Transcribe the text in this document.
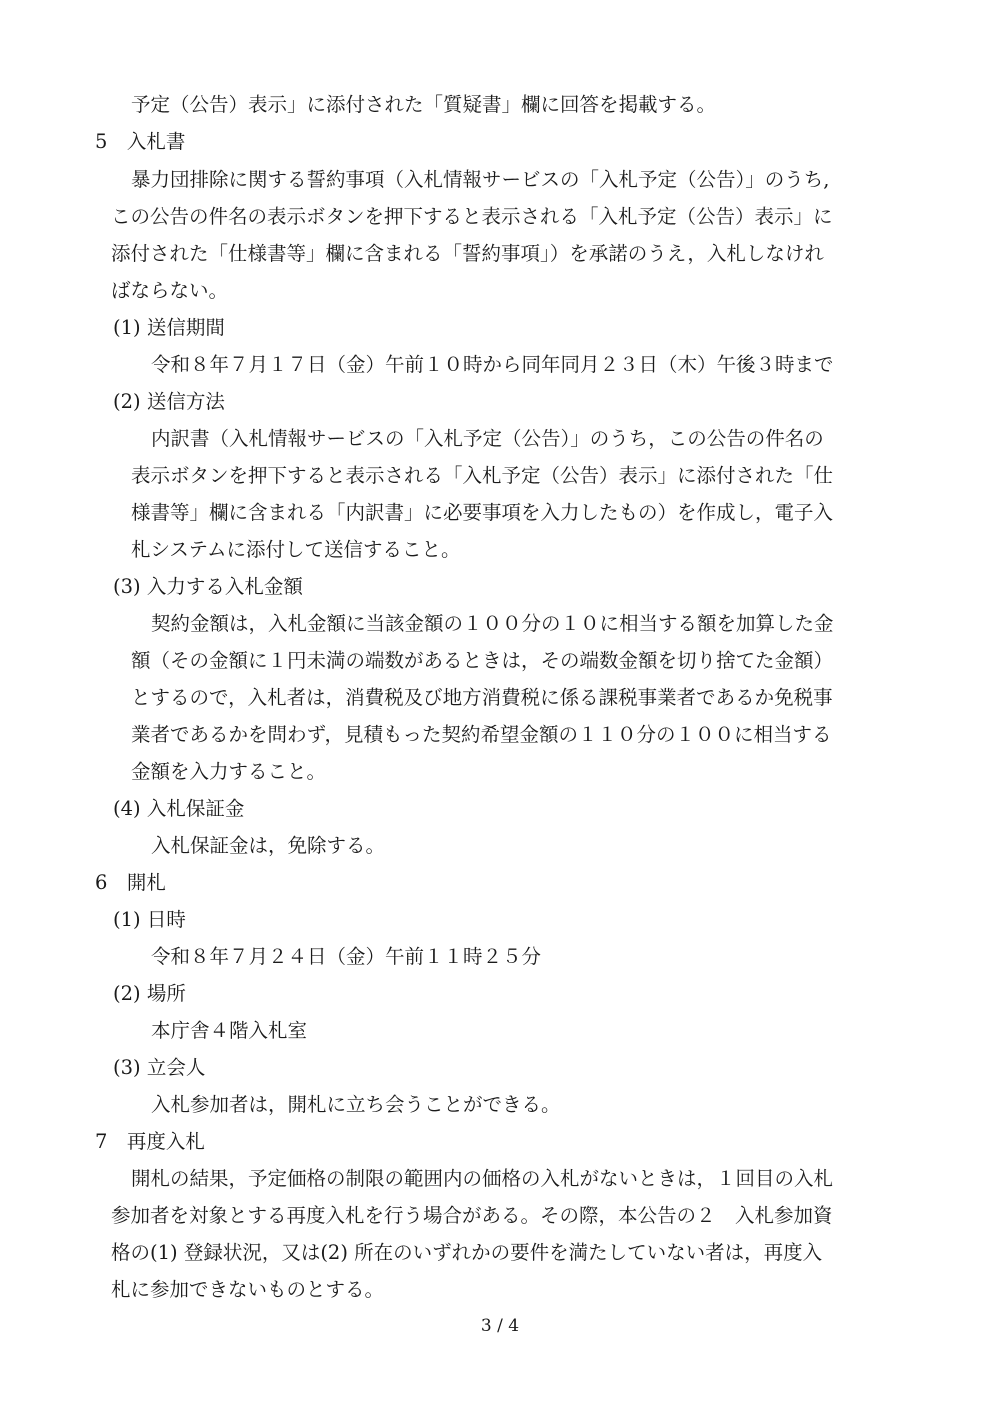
予定（公告）表示」に添付された「質疑書」欄に回答を掲載する。
5　入札書
暴力団排除に関する誓約事項（入札情報サービスの「入札予定（公告）」のうち,
この公告の件名の表示ボタンを押下すると表示される「入札予定（公告）表示」に
添付された「仕様書等」欄に含まれる「誓約事項」）を承諾のうえ，入札しなけれ
ばならない。
(1) 送信期間
令和８年７月１７日（金）午前１０時から同年同月２３日（木）午後３時まで
(2) 送信方法
内訳書（入札情報サービスの「入札予定（公告）」のうち，この公告の件名の
表示ボタンを押下すると表示される「入札予定（公告）表示」に添付された「仕
様書等」欄に含まれる「内訳書」に必要事項を入力したもの）を作成し，電子入
札システムに添付して送信すること。
(3) 入力する入札金額
契約金額は，入札金額に当該金額の１００分の１０に相当する額を加算した金
額（その金額に１円未満の端数があるときは，その端数金額を切り捨てた金額）
とするので，入札者は，消費税及び地方消費税に係る課税事業者であるか免税事
業者であるかを問わず，見積もった契約希望金額の１１０分の１００に相当する
金額を入力すること。
(4) 入札保証金
入札保証金は，免除する。
6　開札
(1) 日時
令和８年７月２４日（金）午前１１時２５分
(2) 場所
本庁舎４階入札室
(3) 立会人
入札参加者は，開札に立ち会うことができる。
7　再度入札
開札の結果，予定価格の制限の範囲内の価格の入札がないときは，１回目の入札
参加者を対象とする再度入札を行う場合がある。その際，本公告の２　入札参加資
格の(1) 登録状況，又は(2) 所在のいずれかの要件を満たしていない者は，再度入
札に参加できないものとする。
3 / 4
